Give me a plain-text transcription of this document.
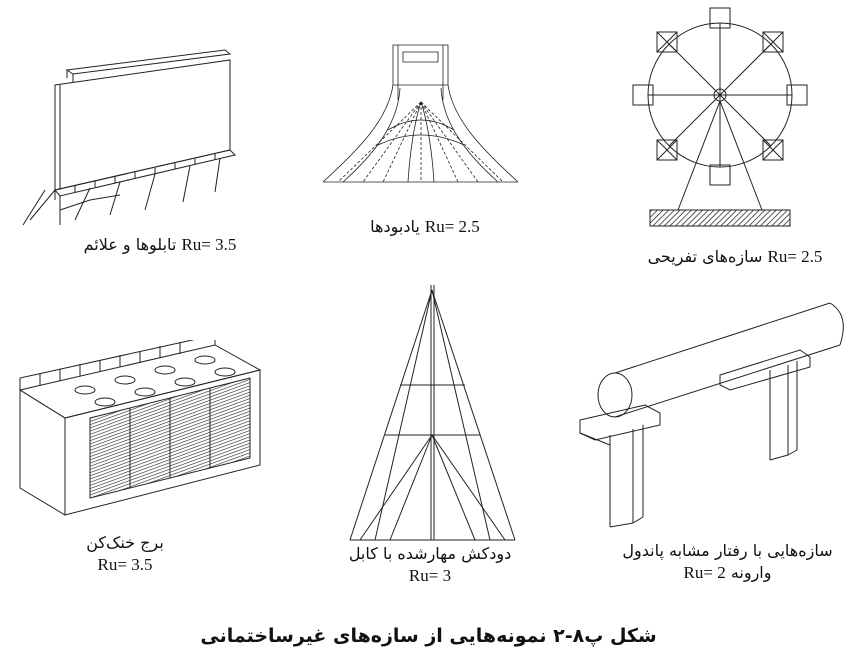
تابلوها و علائم Ru= 3.5
یادبودها Ru= 2.5
سازه‌های تفریحی Ru= 2.5
برج خنک‌کن
Ru= 3.5
دودکش مهارشده با کابل
Ru= 3
سازه‌هایی با رفتار مشابه پاندول
وارونه Ru= 2
شکل پ۸-۲ نمونه‌هایی از سازه‌های غیرساختمانی
